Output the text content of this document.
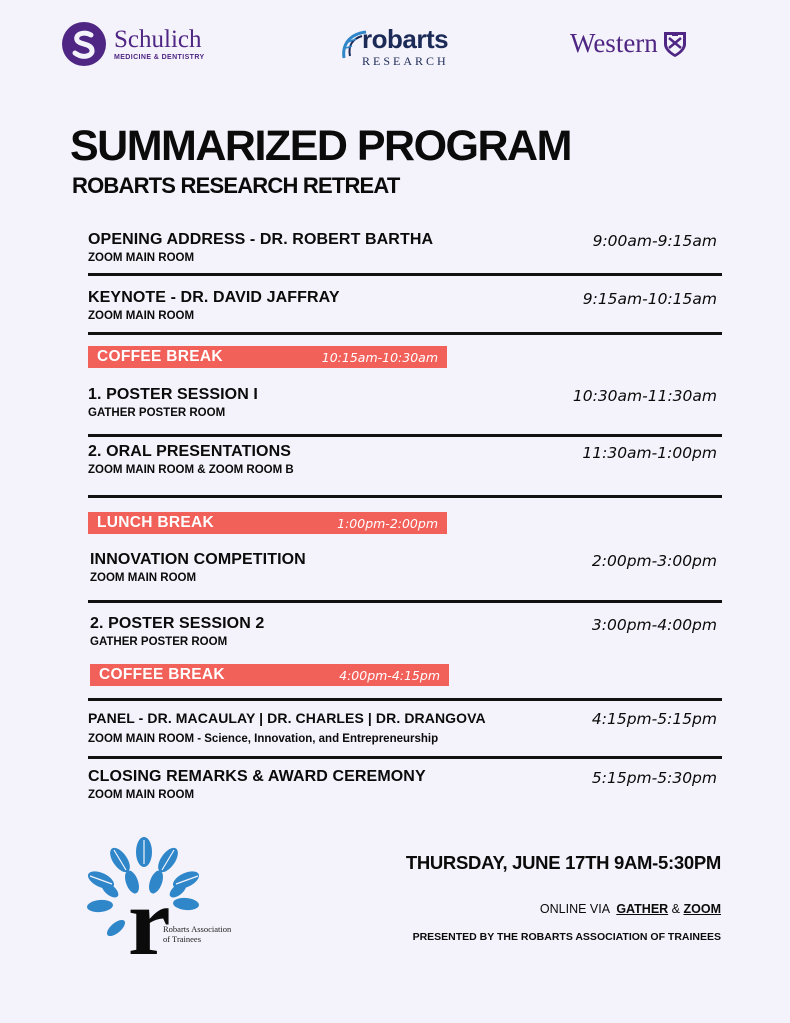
Schulich
MEDICINE & DENTISTRY
robarts
RESEARCH
Western
SUMMARIZED PROGRAM
ROBARTS RESEARCH RETREAT
OPENING ADDRESS - DR. ROBERT BARTHA
ZOOM MAIN ROOM
9:00am-9:15am
KEYNOTE - DR. DAVID JAFFRAY
ZOOM MAIN ROOM
9:15am-10:15am
COFFEE BREAK	10:15am-10:30am
1. POSTER SESSION I
GATHER POSTER ROOM
10:30am-11:30am
2. ORAL PRESENTATIONS
ZOOM MAIN ROOM & ZOOM ROOM B
11:30am-1:00pm
LUNCH BREAK	1:00pm-2:00pm
INNOVATION COMPETITION
ZOOM MAIN ROOM
2:00pm-3:00pm
2. POSTER SESSION 2
GATHER POSTER ROOM
3:00pm-4:00pm
COFFEE BREAK	4:00pm-4:15pm
PANEL - DR. MACAULAY | DR. CHARLES | DR. DRANGOVA
ZOOM MAIN ROOM - Science, Innovation, and Entrepreneurship
4:15pm-5:15pm
CLOSING REMARKS & AWARD CEREMONY
ZOOM MAIN ROOM
5:15pm-5:30pm
r
Robarts Association
of Trainees
THURSDAY, JUNE 17TH 9AM-5:30PM
ONLINE VIA GATHER & ZOOM
PRESENTED BY THE ROBARTS ASSOCIATION OF TRAINEES
